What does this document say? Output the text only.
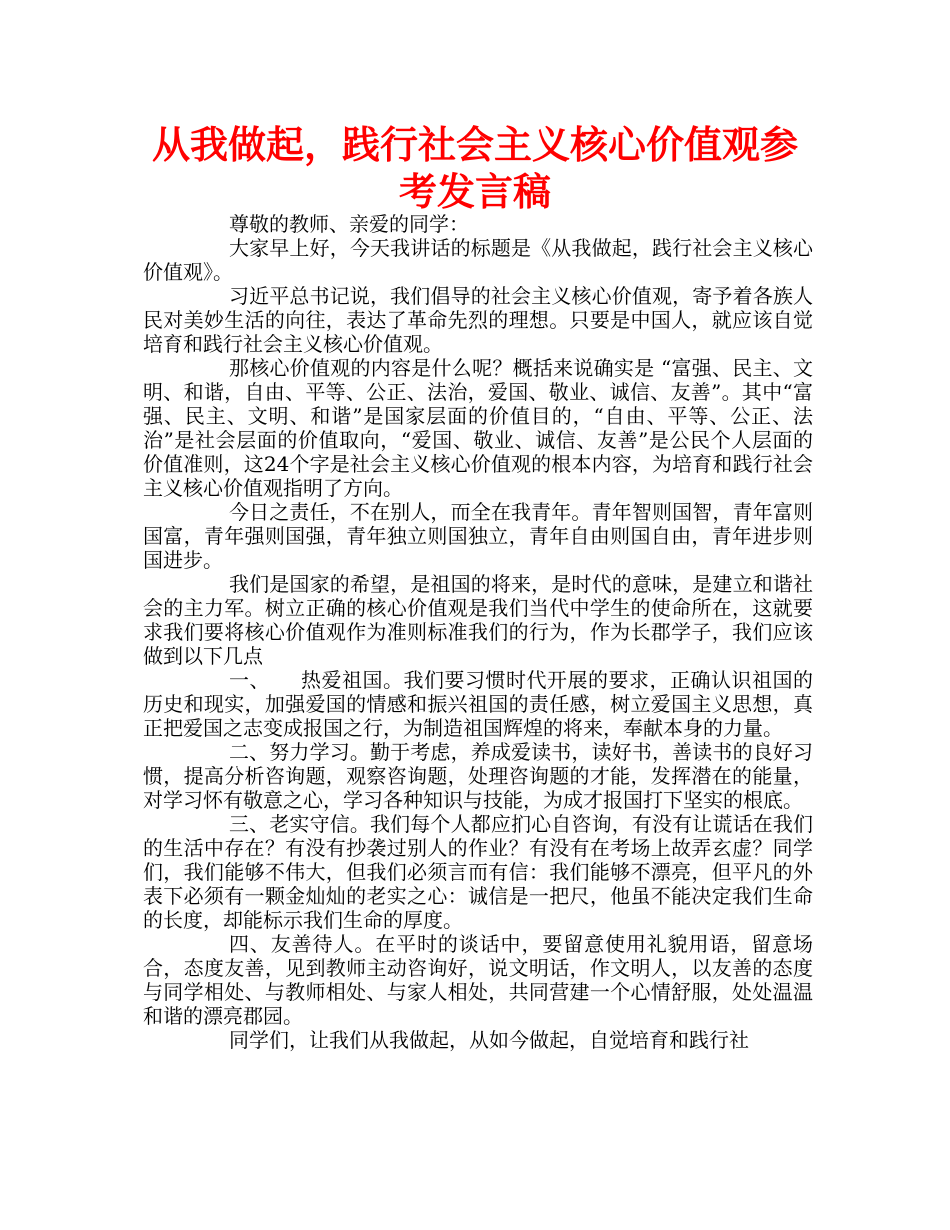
从我做起，践行社会主义核心价值观参考发言稿

尊敬的教师、亲爱的同学：

大家早上好，今天我讲话的标题是《从我做起，践行社会主义核心价值观》。

习近平总书记说，我们倡导的社会主义核心价值观，寄予着各族人民对美妙生活的向往，表达了革命先烈的理想。只要是中国人，就应该自觉培育和践行社会主义核心价值观。

那核心价值观的内容是什么呢？概括来说确实是 “富强、民主、文明、和谐，自由、平等、公正、法治，爱国、敬业、诚信、友善”。其中“富强、民主、文明、和谐”是国家层面的价值目的，“自由、平等、公正、法治”是社会层面的价值取向，“爱国、敬业、诚信、友善”是公民个人层面的价值准则，这24个字是社会主义核心价值观的根本内容，为培育和践行社会主义核心价值观指明了方向。

今日之责任，不在别人，而全在我青年。青年智则国智，青年富则国富，青年强则国强，青年独立则国独立，青年自由则国自由，青年进步则国进步。

我们是国家的希望，是祖国的将来，是时代的意味，是建立和谐社会的主力军。树立正确的核心价值观是我们当代中学生的使命所在，这就要求我们要将核心价值观作为准则标准我们的行为，作为长郡学子，我们应该做到以下几点

一、　　热爱祖国。我们要习惯时代开展的要求，正确认识祖国的历史和现实，加强爱国的情感和振兴祖国的责任感，树立爱国主义思想，真正把爱国之志变成报国之行，为制造祖国辉煌的将来，奉献本身的力量。

二、努力学习。勤于考虑，养成爱读书，读好书，善读书的良好习惯，提高分析咨询题，观察咨询题，处理咨询题的才能，发挥潜在的能量，对学习怀有敬意之心，学习各种知识与技能，为成才报国打下坚实的根底。

三、老实守信。我们每个人都应扪心自咨询，有没有让谎话在我们的生活中存在？有没有抄袭过别人的作业？有没有在考场上故弄玄虚？同学们，我们能够不伟大，但我们必须言而有信：我们能够不漂亮，但平凡的外表下必须有一颗金灿灿的老实之心：诚信是一把尺，他虽不能决定我们生命的长度，却能标示我们生命的厚度。

四、友善待人。在平时的谈话中，要留意使用礼貌用语，留意场合，态度友善，见到教师主动咨询好，说文明话，作文明人，以友善的态度与同学相处、与教师相处、与家人相处，共同营建一个心情舒服，处处温温和谐的漂亮郡园。

同学们，让我们从我做起，从如今做起，自觉培育和践行社
